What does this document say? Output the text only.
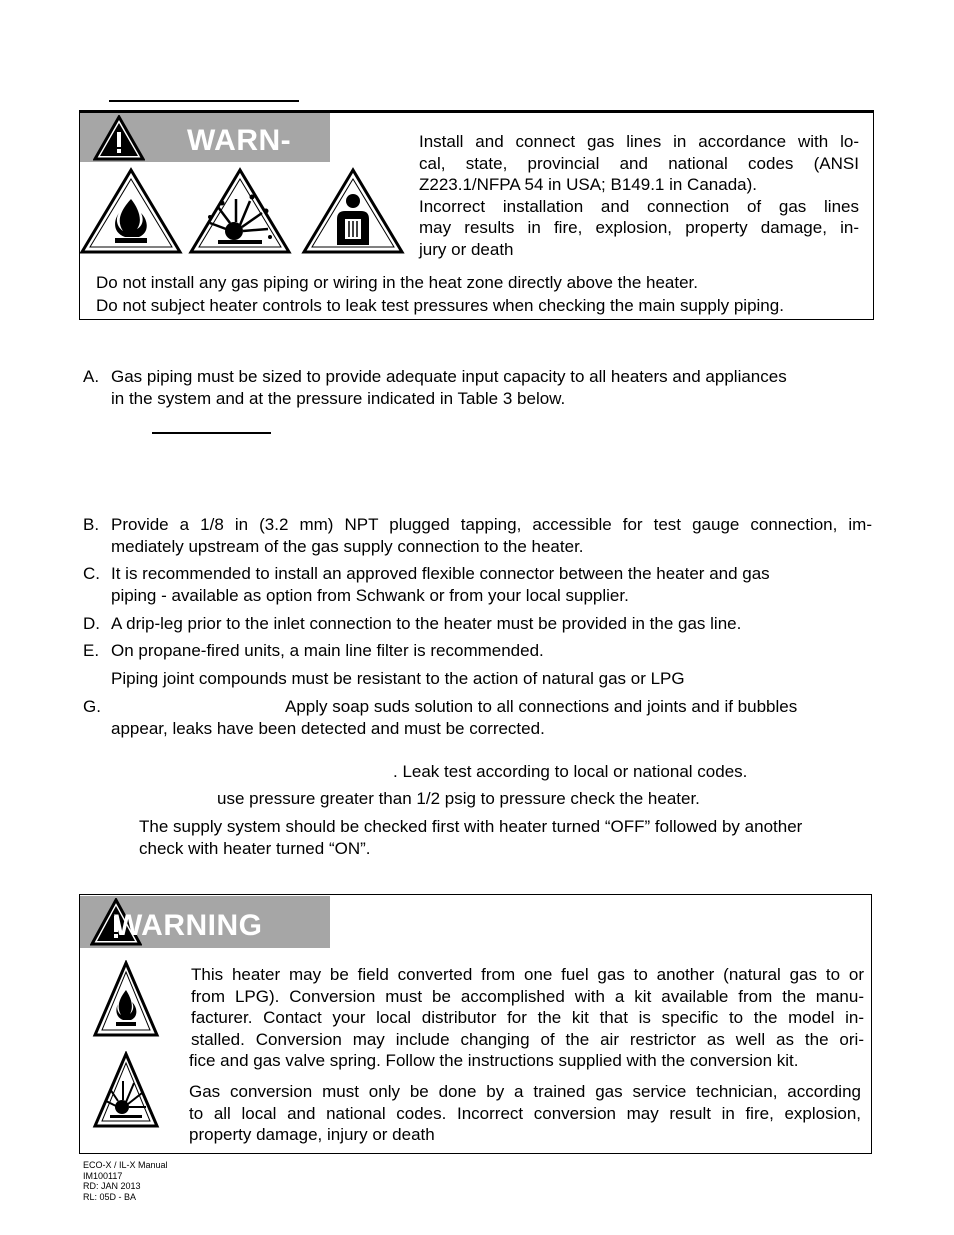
WARN-	Install and connect gas lines in accordance with lo-
cal, state, provincial and national codes (ANSI
Z223.1/NFPA 54 in USA; B149.1 in Canada).
Incorrect installation and connection of gas lines
may results in fire, explosion, property damage, in-
jury or death
Do not install any gas piping or wiring in the heat zone directly above the heater.
Do not subject heater controls to leak test pressures when checking the main supply piping.
A. Gas piping must be sized to provide adequate input capacity to all heaters and appliances
in the system and at the pressure indicated in Table 3 below.
B. Provide a 1/8 in (3.2 mm) NPT plugged tapping, accessible for test gauge connection, im-
mediately upstream of the gas supply connection to the heater.
C. It is recommended to install an approved flexible connector between the heater and gas
piping - available as option from Schwank or from your local supplier.
D. A drip-leg prior to the inlet connection to the heater must be provided in the gas line.
E. On propane-fired units, a main line filter is recommended.
Piping joint compounds must be resistant to the action of natural gas or LPG
G.	Apply soap suds solution to all connections and joints and if bubbles
appear, leaks have been detected and must be corrected.
. Leak test according to local or national codes.
use pressure greater than 1/2 psig to pressure check the heater.
The supply system should be checked first with heater turned “OFF” followed by another
check with heater turned “ON”.
WARNING
This heater may be field converted from one fuel gas to another (natural gas to or
from LPG). Conversion must be accomplished with a kit available from the manu-
facturer. Contact your local distributor for the kit that is specific to the model in-
stalled. Conversion may include changing of the air restrictor as well as the ori-
fice and gas valve spring. Follow the instructions supplied with the conversion kit.
Gas conversion must only be done by a trained gas service technician, according
to all local and national codes. Incorrect conversion may result in fire, explosion,
property damage, injury or death
ECO-X / IL-X Manual
IM100117
RD: JAN 2013
RL: 05D - BA
